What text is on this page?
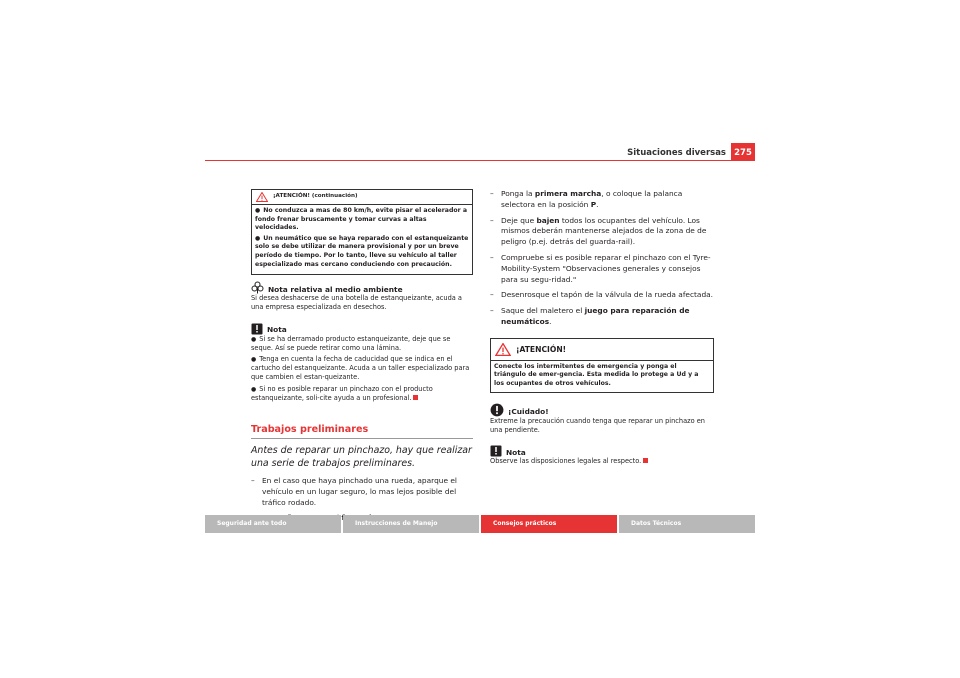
Situaciones diversas 275
¡ATENCIÓN! (continuación)

● No conduzca a mas de 80 km/h, evite pisar el acelerador a fondo frenar bruscamente y tomar curvas a altas velocidades.

● Un neumático que se haya reparado con el estanqueizante solo se debe utilizar de manera provisional y por un breve período de tiempo. Por lo tanto, lleve su vehículo al taller especializado mas cercano conduciendo con precaución.

Nota relativa al medio ambiente

Si desea deshacerse de una botella de estanqueizante, acuda a una empresa especializada en desechos.

Nota

● Si se ha derramado producto estanqueizante, deje que se seque. Así se puede retirar como una lámina.

● Tenga en cuenta la fecha de caducidad que se indica en el cartucho del estanqueizante. Acuda a un taller especializado para que cambien el estan-queizante.

● Si no es posible reparar un pinchazo con el producto estanqueizante, soli-cite ayuda a un profesional.

Trabajos preliminares
Antes de reparar un pinchazo, hay que realizar una serie de trabajos preliminares.
– En el caso que haya pinchado una rueda, aparque el vehículo en un lugar seguro, lo mas lejos posible del tráfico rodado.
– Ponga la primera marcha, o coloque la palanca selectora en la posición P.
– Deje que bajen todos los ocupantes del vehículo. Los mismos deberán mantenerse alejados de la zona de de peligro (p.ej. detrás del guarda-rail).
– Compruebe si es posible reparar el pinchazo con el Tyre-Mobility-System "Observaciones generales y consejos para su segu-ridad."
– Desenrosque el tapón de la válvula de la rueda afectada.
– Saque del maletero el juego para reparación de neumáticos.
¡ATENCIÓN!
Conecte los intermitentes de emergencia y ponga el triángulo de emer-gencia. Esta medida lo protege a Ud y a los ocupantes de otros vehículos.
¡Cuidado!

Extreme la precaución cuando tenga que reparar un pinchazo en una pendiente.

Nota

Observe las disposiciones legales al respecto.

Seguridad ante todo	Instrucciones de Manejo	Consejos prácticos	Datos Técnicos
